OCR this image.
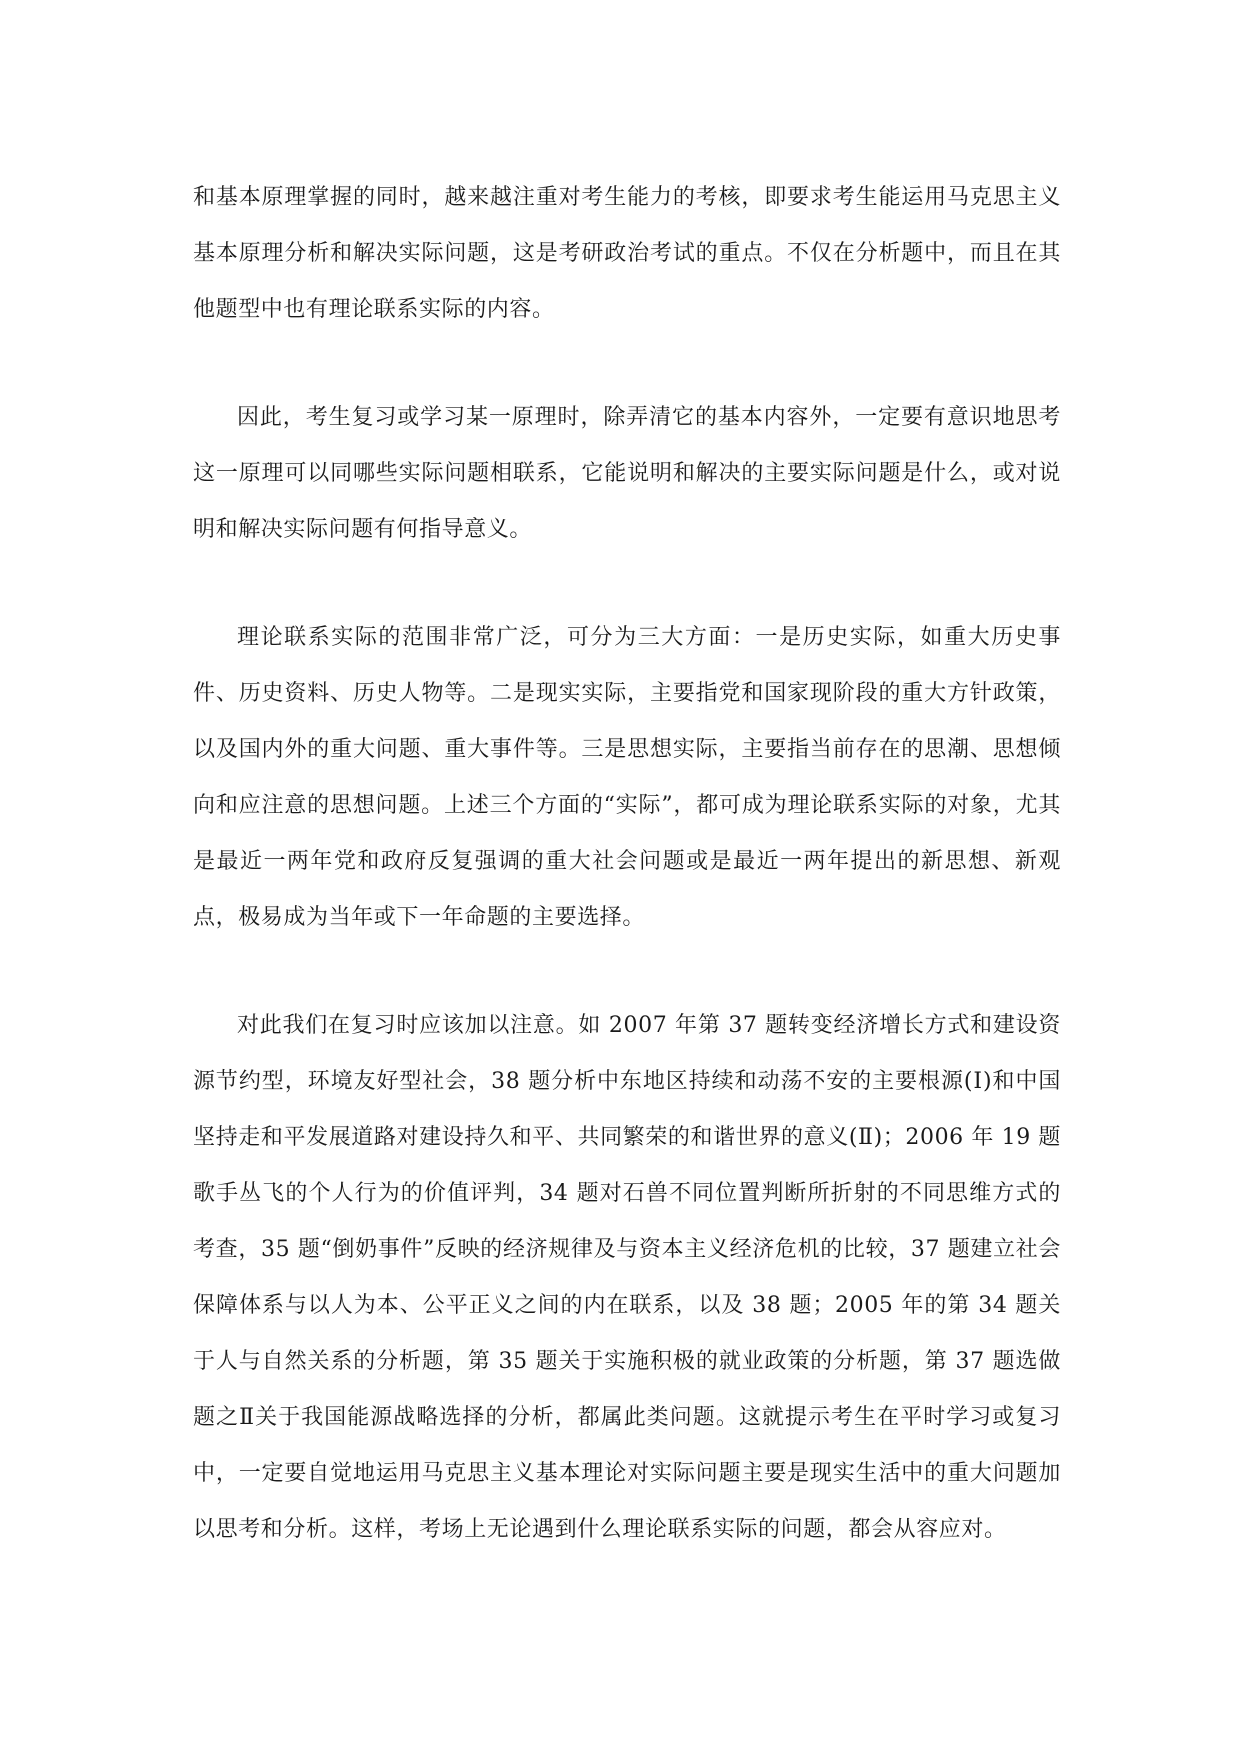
和基本原理掌握的同时，越来越注重对考生能力的考核，即要求考生能运用马克思主义基本原理分析和解决实际问题，这是考研政治考试的重点。不仅在分析题中，而且在其他题型中也有理论联系实际的内容。

因此，考生复习或学习某一原理时，除弄清它的基本内容外，一定要有意识地思考这一原理可以同哪些实际问题相联系，它能说明和解决的主要实际问题是什么，或对说明和解决实际问题有何指导意义。

理论联系实际的范围非常广泛，可分为三大方面：一是历史实际，如重大历史事件、历史资料、历史人物等。二是现实实际，主要指党和国家现阶段的重大方针政策，以及国内外的重大问题、重大事件等。三是思想实际，主要指当前存在的思潮、思想倾向和应注意的思想问题。上述三个方面的“实际”，都可成为理论联系实际的对象，尤其是最近一两年党和政府反复强调的重大社会问题或是最近一两年提出的新思想、新观点，极易成为当年或下一年命题的主要选择。

对此我们在复习时应该加以注意。如 2007 年第 37 题转变经济增长方式和建设资源节约型，环境友好型社会，38 题分析中东地区持续和动荡不安的主要根源(Ⅰ)和中国坚持走和平发展道路对建设持久和平、共同繁荣的和谐世界的意义(Ⅱ)；2006 年 19 题歌手丛飞的个人行为的价值评判，34 题对石兽不同位置判断所折射的不同思维方式的考查，35 题“倒奶事件”反映的经济规律及与资本主义经济危机的比较，37 题建立社会保障体系与以人为本、公平正义之间的内在联系，以及 38 题；2005 年的第 34 题关于人与自然关系的分析题，第 35 题关于实施积极的就业政策的分析题，第 37 题选做题之Ⅱ关于我国能源战略选择的分析，都属此类问题。这就提示考生在平时学习或复习中，一定要自觉地运用马克思主义基本理论对实际问题主要是现实生活中的重大问题加以思考和分析。这样，考场上无论遇到什么理论联系实际的问题，都会从容应对。
